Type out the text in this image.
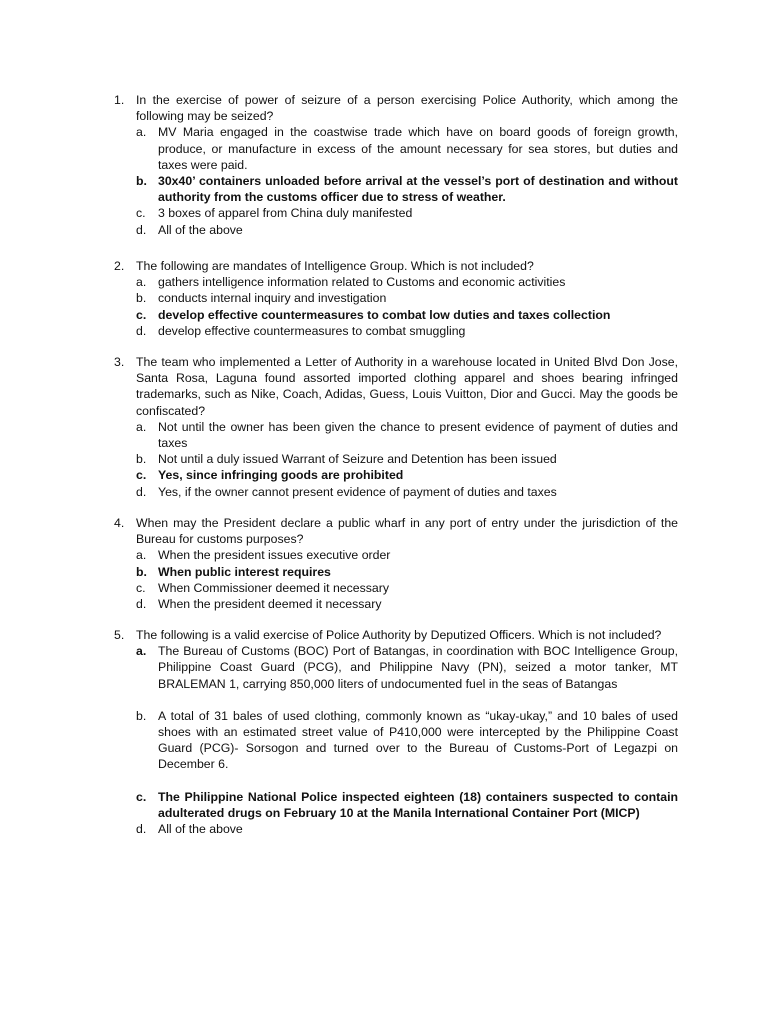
1. In the exercise of power of seizure of a person exercising Police Authority, which among the following may be seized?
a. MV Maria engaged in the coastwise trade which have on board goods of foreign growth, produce, or manufacture in excess of the amount necessary for sea stores, but duties and taxes were paid.
b. 30x40’ containers unloaded before arrival at the vessel’s port of destination and without authority from the customs officer due to stress of weather.
c.	3 boxes of apparel from China duly manifested
d. All of the above
2. The following are mandates of Intelligence Group. Which is not included?
a. gathers intelligence information related to Customs and economic activities
b. conducts internal inquiry and investigation
c. develop effective countermeasures to combat low duties and taxes collection
d. develop effective countermeasures to combat smuggling
3. The team who implemented a Letter of Authority in a warehouse located in United Blvd Don Jose, Santa Rosa, Laguna found assorted imported clothing apparel and shoes bearing infringed trademarks, such as Nike, Coach, Adidas, Guess, Louis Vuitton, Dior and Gucci. May the goods be confiscated?
a. Not until the owner has been given the chance to present evidence of payment of duties and taxes
b. Not until a duly issued Warrant of Seizure and Detention has been issued
c. Yes, since infringing goods are prohibited
d. Yes, if the owner cannot present evidence of payment of duties and taxes
4. When may the President declare a public wharf in any port of entry under the jurisdiction of the Bureau for customs purposes?
a. When the president issues executive order
b. When public interest requires
c.	When Commissioner deemed it necessary
d. When the president deemed it necessary
5. The following is a valid exercise of Police Authority by Deputized Officers. Which is not included?
a. The Bureau of Customs (BOC) Port of Batangas, in coordination with BOC Intelligence Group, Philippine Coast Guard (PCG), and Philippine Navy (PN), seized a motor tanker, MT BRALEMAN 1, carrying 850,000 liters of undocumented fuel in the seas of Batangas
b. A total of 31 bales of used clothing, commonly known as “ukay-ukay,” and 10 bales of used shoes with an estimated street value of P410,000 were intercepted by the Philippine Coast Guard (PCG)- Sorsogon and turned over to the Bureau of Customs-Port of Legazpi on December 6.
c. The Philippine National Police inspected eighteen (18) containers suspected to contain adulterated drugs on February 10 at the Manila International Container Port (MICP)
d. All of the above
